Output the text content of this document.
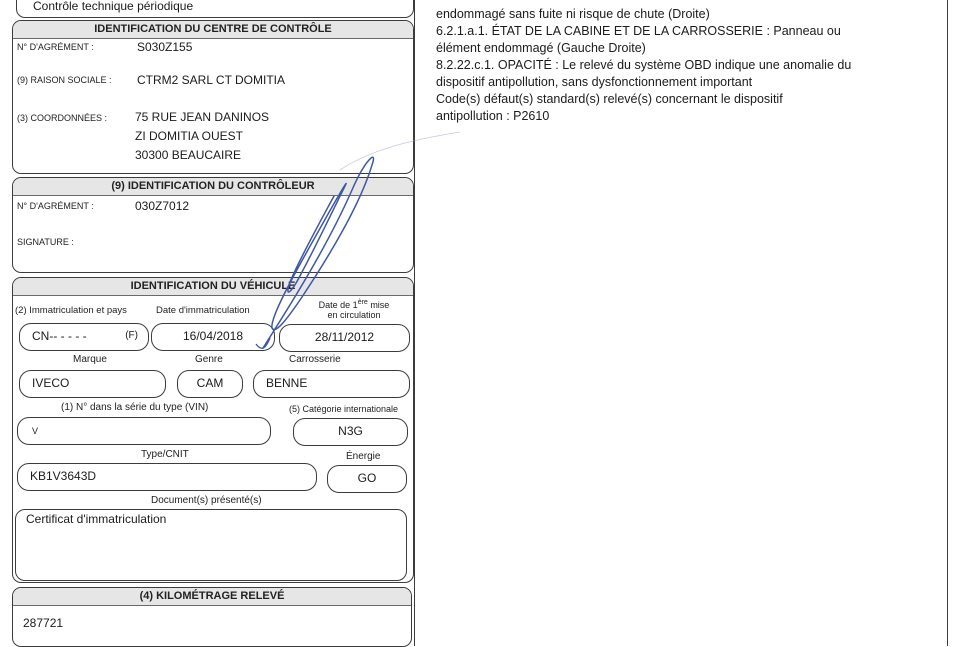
endommagé sans fuite ni risque de chute (Droite)
6.2.1.a.1. ÉTAT DE LA CABINE ET DE LA CARROSSERIE : Panneau ou
élément endommagé (Gauche Droite)
8.2.22.c.1. OPACITÉ : Le relevé du système OBD indique une anomalie du
dispositif antipollution, sans dysfonctionnement important
Code(s) défaut(s) standard(s) relevé(s) concernant le dispositif
antipollution : P2610
Contrôle technique périodique
IDENTIFICATION DU CENTRE DE CONTRÔLE
N° D'AGRÉMENT :	S030Z155
(9) RAISON SOCIALE : CTRM2 SARL CT DOMITIA
(3) COORDONNÉES : 75 RUE JEAN DANINOS
ZI DOMITIA OUEST
30300 BEAUCAIRE
(9) IDENTIFICATION DU CONTRÔLEUR
N° D'AGRÉMENT :	030Z7012
SIGNATURE :
IDENTIFICATION DU VÉHICULE
(2) Immatriculation et pays	Date d'immatriculation	Date de 1ère mise
en circulation
CN-‐ ‐ ‐ ‐ ‐	(F)	16/04/2018	28/11/2012
Marque	Genre	Carrosserie
IVECO	CAM	BENNE
(1) N° dans la série du type (VIN)	(5) Catégorie internationale
V	N3G
Type/CNIT	Énergie
KB1V3643D	GO
Document(s) présenté(s)
Certificat d'immatriculation
(4) KILOMÉTRAGE RELEVÉ
287721
